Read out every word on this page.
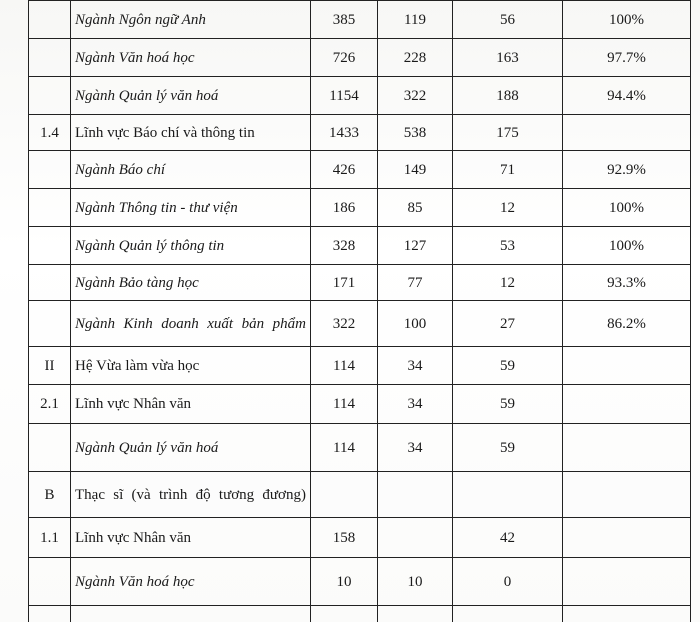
	Ngành Ngôn ngữ Anh	385	119	56	100%
	Ngành Văn hoá học	726	228	163	97.7%
	Ngành Quản lý văn hoá	1154	322	188	94.4%
1.4	Lĩnh vực Báo chí và thông tin	1433	538	175	
	Ngành Báo chí	426	149	71	92.9%
	Ngành Thông tin - thư viện	186	85	12	100%
	Ngành Quản lý thông tin	328	127	53	100%
	Ngành Bảo tàng học	171	77	12	93.3%
	Ngành Kinh doanh xuất bản phẩm	322	100	27	86.2%
II	Hệ Vừa làm vừa học	114	34	59	
2.1	Lĩnh vực Nhân văn	114	34	59	
	Ngành Quản lý văn hoá	114	34	59	
B	Thạc sĩ (và trình độ tương đương)				
1.1	Lĩnh vực Nhân văn	158		42	
	Ngành Văn hoá học	10	10	0	
